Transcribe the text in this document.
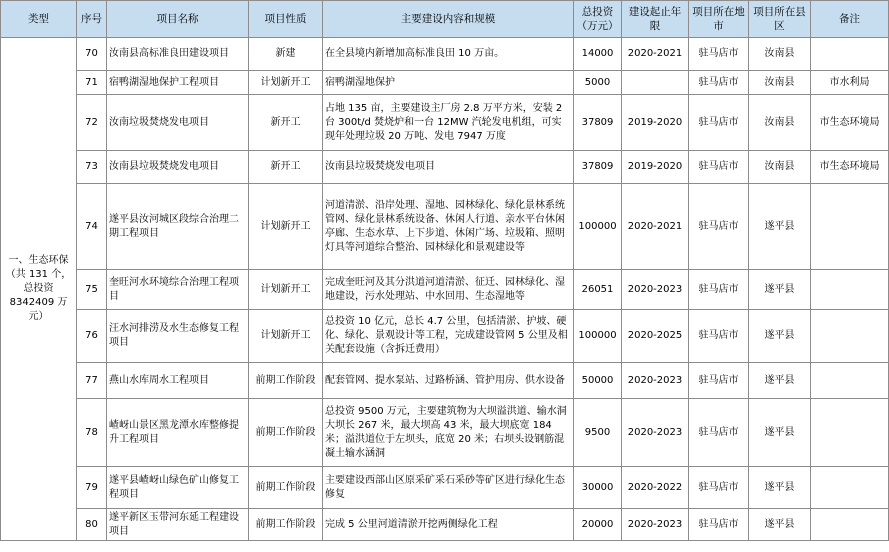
类型	序号	项目名称	项目性质	主要建设内容和规模	总投资（万元）	建设起止年限	项目所在地市	项目所在县区	备注
一、生态环保（共 131 个，总投资 8342409 万元）	70	汝南县高标准良田建设项目	新建	在全县境内新增加高标准良田 10 万亩。	14000	2020-2021	驻马店市	汝南县	
	71	宿鸭湖湿地保护工程项目	计划新开工	宿鸭湖湿地保护	5000		驻马店市	汝南县	市水利局
	72	汝南垃圾焚烧发电项目	新开工	占地 135 亩，主要建设主厂房 2.8 万平方米，安装 2 台 300t/d 焚烧炉和一台 12MW 汽轮发电机组，可实现年处理垃圾 20 万吨、发电 7947 万度	37809	2019-2020	驻马店市	汝南县	市生态环境局
	73	汝南县垃圾焚烧发电项目	新开工	汝南县垃圾焚烧发电项目	37809	2019-2020	驻马店市	汝南县	市生态环境局
	74	遂平县汝河城区段综合治理二期工程项目	计划新开工	河道清淤、沿岸处理、湿地、园林绿化、绿化景林系统管网、绿化景林系统设备、休闲人行道、亲水平台休闲亭廊、生态水草、上下步道、休闲广场、垃圾箱、照明灯具等河道综合整治、园林绿化和景观建设等	100000	2020-2021	驻马店市	遂平县	
	75	奎旺河水环境综合治理工程项目	计划新开工	完成奎旺河及其分洪道河道清淤、征迁、园林绿化、湿地建设，污水处理站、中水回用、生态湿地等	26051	2020-2023	驻马店市	遂平县	
	76	汪水河排涝及水生态修复工程项目	计划新开工	总投资 10 亿元，总长 4.7 公里，包括清淤、护坡、硬化、绿化、景观设计等工程，完成建设管网 5 公里及相关配套设施（含拆迁费用）	100000	2020-2025	驻马店市	遂平县	
	77	燕山水库周水工程项目	前期工作阶段	配套管网、提水泵站、过路桥涵、管护用房、供水设备	50000	2020-2023	驻马店市	遂平县	
	78	嵖岈山景区黑龙潭水库整修提升工程项目	前期工作阶段	总投资 9500 万元，主要建筑物为大坝溢洪道、输水洞大坝长 267 米，最大坝高 43 米，最大坝底宽 184 米；溢洪道位于左坝头，底宽 20 米；右坝头设钢筋混凝土输水涵洞	9500	2020-2023	驻马店市	遂平县	
	79	遂平县嵖岈山绿色矿山修复工程项目	前期工作阶段	主要建设西部山区原采矿采石采砂等矿区进行绿化生态修复	30000	2020-2022	驻马店市	遂平县	
	80	遂平新区玉带河东延工程建设项目	前期工作阶段	完成 5 公里河道清淤开挖两侧绿化工程	20000	2020-2023	驻马店市	遂平县	
